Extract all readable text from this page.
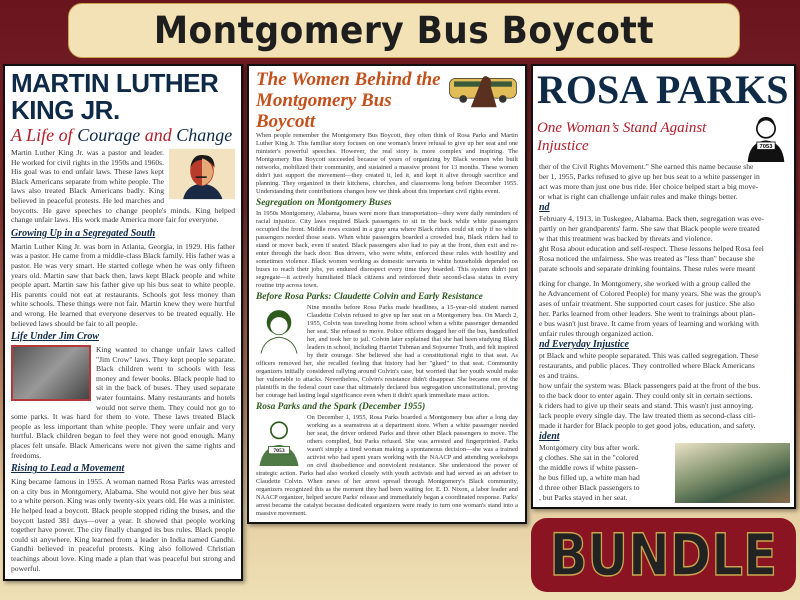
Montgomery Bus Boycott
MARTIN LUTHER KING JR.
A Life of Courage and Change

Martin Luther King Jr. was a pastor and leader. He worked for civil rights in the 1950s and 1960s. His goal was to end unfair laws. These laws kept Black Americans separate from white people. The laws also treated Black Americans badly. King believed in peaceful protests. He led marches and boycotts. He gave speeches to change people's minds. King helped change unfair laws. His work made America more fair for everyone.

Growing Up in a Segregated South

Martin Luther King Jr. was born in Atlanta, Georgia, in 1929. His father was a pastor. He came from a middle-class Black family. His father was a pastor. He was very smart. He started college when he was only fifteen years old. Martin saw that back then, laws kept Black people and white people apart. Martin saw his father give up his bus seat to white people. His parents could not eat at restaurants. Schools got less money than white schools. These things were not fair. Martin knew they were hurtful and wrong. He learned that everyone deserves to be treated equally. He believed laws should be fair to all people.

Life Under Jim Crow

King wanted to change unfair laws called "Jim Crow" laws. They kept people separate. Black children went to schools with less money and fewer books. Black people had to sit in the back of buses. They used separate water fountains. Many restaurants and hotels would not serve them. They could not go to some parks. It was hard for them to vote. These laws treated Black people as less important than white people. They were unfair and very hurtful. Black children began to feel they were not good enough. Many places felt unsafe. Black Americans were not given the same rights and freedoms.

Rising to Lead a Movement

King became famous in 1955. A woman named Rosa Parks was arrested on a city bus in Montgomery, Alabama. She would not give her bus seat to a white person. King was only twenty-six years old. He was a minister. He helped lead a boycott. Black people stopped riding the buses, and the boycott lasted 381 days—over a year. It showed that people working together have power. The city finally changed its bus rules. Black people could sit anywhere. King learned from a leader in India named Gandhi. Gandhi believed in peaceful protests. King also followed Christian teachings about love. King made a plan that was peaceful but strong and powerful.

The Women Behind the
Montgomery Bus Boycott

When people remember the Montgomery Bus Boycott, they often think of Rosa Parks and Martin Luther King Jr. This familiar story focuses on one woman's brave refusal to give up her seat and one minister's powerful speeches. However, the real story is more complex and inspiring. The Montgomery Bus Boycott succeeded because of years of organizing by Black women who built networks, mobilized their community, and sustained a massive protest for 13 months. These women didn't just support the movement—they created it, led it, and kept it alive through sacrifice and planning. They organized in their kitchens, churches, and classrooms long before December 1955. Understanding their contributions changes how we think about this important civil rights event.

Segregation on Montgomery Buses

In 1950s Montgomery, Alabama, buses were more than transportation—they were daily reminders of racial injustice. City laws required Black passengers to sit in the back while white passengers occupied the front. Middle rows existed in a gray area where Black riders could sit only if no white passengers needed those seats. When white passengers boarded a crowded bus, Black riders had to stand or move back, even if seated. Black passengers also had to pay at the front, then exit and re-enter through the back door. Bus drivers, who were white, enforced these rules with hostility and sometimes violence. Black women working as domestic servants in white households depended on buses to reach their jobs, yet endured disrespect every time they boarded. This system didn't just segregate—it actively humiliated Black citizens and reinforced their second-class status in every routine trip across town.

Before Rosa Parks: Claudette Colvin and Early Resistance

Nine months before Rosa Parks made headlines, a 15-year-old student named Claudette Colvin refused to give up her seat on a Montgomery bus. On March 2, 1955, Colvin was traveling home from school when a white passenger demanded her seat. She refused to move. Police officers dragged her off the bus, handcuffed her, and took her to jail. Colvin later explained that she had been studying Black leaders in school, including Harriet Tubman and Sojourner Truth, and felt inspired by their courage. She believed she had a constitutional right to that seat. As officers removed her, she recalled feeling that history had her "glued" to that seat. Community organizers initially considered rallying around Colvin's case, but worried that her youth would make her vulnerable to attacks. Nevertheless, Colvin's resistance didn't disappear. She became one of the plaintiffs in the federal court case that ultimately declared bus segregation unconstitutional, proving her courage had lasting legal significance even when it didn't spark immediate mass action.

Rosa Parks and the Spark (December 1955)
7053

On December 1, 1955, Rosa Parks boarded a Montgomery bus after a long day working as a seamstress at a department store. When a white passenger needed her seat, the driver ordered Parks and three other Black passengers to move. The others complied, but Parks refused. She was arrested and fingerprinted. Parks wasn't simply a tired woman making a spontaneous decision—she was a trained activist who had spent years working with the NAACP and attending workshops on civil disobedience and nonviolent resistance. She understood the power of strategic action. Parks had also worked closely with youth activists and had served as an adviser to Claudette Colvin. When news of her arrest spread through Montgomery's Black community, organizers recognized this as the moment they had been waiting for. E. D. Nixon, a labor leader and NAACP organizer, helped secure Parks' release and immediately began a coordinated response. Parks' arrest became the catalyst because dedicated organizers were ready to turn one woman's stand into a massive movement.

ROSA PARKS
One Woman’s Stand Against Injustice	7053
ther of the Civil Rights Movement." She earned this name because she
ber 1, 1955, Parks refused to give up her bus seat to a white passenger in
act was more than just one bus ride. Her choice helped start a big move-
or what is right can challenge unfair rules and make things better.
nd
February 4, 1913, in Tuskegee, Alabama. Back then, segregation was eve-
partly on her grandparents' farm. She saw that Black people were treated
w that this treatment was backed by threats and violence.
ght Rosa about education and self-respect. These lessons helped Rosa feel
Rosa noticed the unfairness. She was treated as "less than" because she
parate schools and separate drinking fountains. These rules were meant
rking for change. In Montgomery, she worked with a group called the
he Advancement of Colored People) for many years. She was the group's
ases of unfair treatment. She supported court cases for justice. She also
her. Parks learned from other leaders. She went to trainings about plan-
e bus wasn't just brave. It came from years of learning and working with
unfair rules through organized action.
nd Everyday Injustice
pt Black and white people separated. This was called segregation. These
restaurants, and public places. They controlled where Black Americans
es and trains.
how unfair the system was. Black passengers paid at the front of the bus.
to the back door to enter again. They could only sit in certain sections.
k riders had to give up their seats and stand. This wasn't just annoying.
lack people every single day. The law treated them as second-class citi-
made it harder for Black people to get good jobs, education, and safety.
ident
Montgomery city bus after work.
g clothes. She sat in the "colored
the middle rows if white passen-
he bus filled up, a white man had
d three other Black passengers to
, but Parks stayed in her seat.
BUNDLE
